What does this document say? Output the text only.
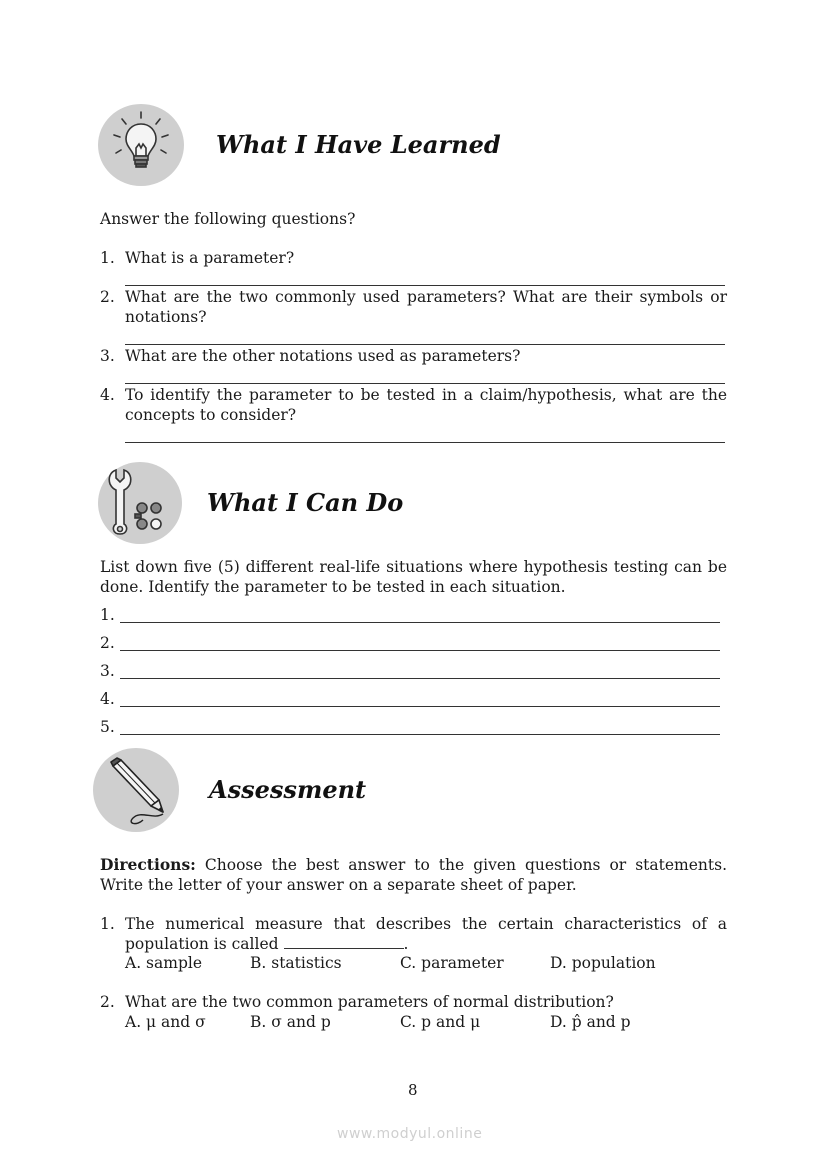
What I Have Learned
Answer the following questions?
1. What is a parameter?
2. What are the two commonly used parameters? What are their symbols or notations?
3. What are the other notations used as parameters?
4. To identify the parameter to be tested in a claim/hypothesis, what are the concepts to consider?
What I Can Do
List down five (5) different real-life situations where hypothesis testing can be done. Identify the parameter to be tested in each situation.
1.
2.
3.
4.
5.
Assessment
Directions: Choose the best answer to the given questions or statements. Write the letter of your answer on a separate sheet of paper.
1. The numerical measure that describes the certain characteristics of a population is called	.
A. sample	B. statistics	C. parameter	D. population
2. What are the two common parameters of normal distribution?
A. μ and σ	B. σ and p	C. p and μ	D. p̂ and p
8
www.modyul.online
